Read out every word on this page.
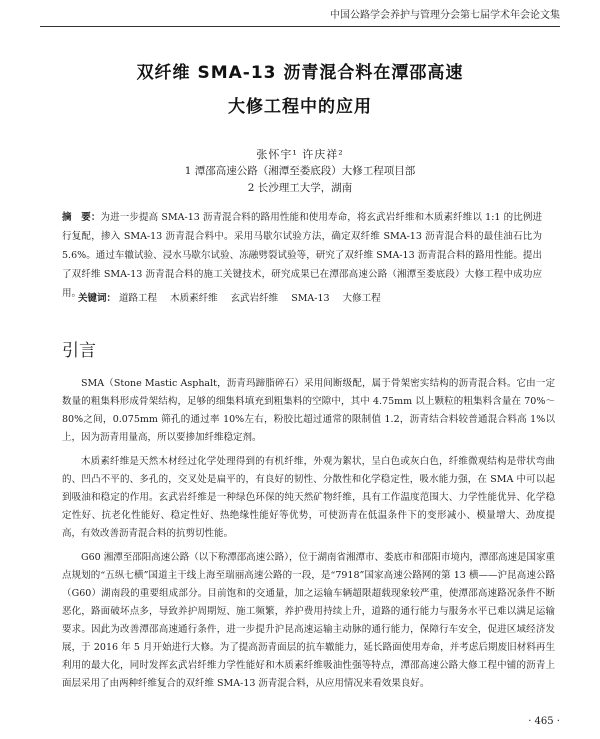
中国公路学会养护与管理分会第七届学术年会论文集
双纤维 SMA-13 沥青混合料在潭邵高速
大修工程中的应用
张怀宇¹ 许庆祥²
1 潭邵高速公路（湘潭至娄底段）大修工程项目部
2 长沙理工大学，湖南
摘　要：为进一步提高 SMA-13 沥青混合料的路用性能和使用寿命，将玄武岩纤维和木质素纤维以 1:1 的比例进行复配，掺入 SMA-13 沥青混合料中。采用马歇尔试验方法，确定双纤维 SMA-13 沥青混合料的最佳油石比为 5.6%。通过车辙试验、浸水马歇尔试验、冻融劈裂试验等，研究了双纤维 SMA-13 沥青混合料的路用性能。提出了双纤维 SMA-13 沥青混合料的施工关键技术，研究成果已在潭邵高速公路（湘潭至娄底段）大修工程中成功应用。
关键词： 道路工程 木质素纤维 玄武岩纤维 SMA-13 大修工程
引言

SMA（Stone Mastic Asphalt，沥青玛蹄脂碎石）采用间断级配，属于骨架密实结构的沥青混合料。它由一定数量的粗集料形成骨架结构，足够的细集料填充到粗集料的空隙中，其中 4.75mm 以上颗粒的粗集料含量在 70%～80%之间，0.075mm 筛孔的通过率 10%左右，粉胶比超过通常的限制值 1.2，沥青结合料较普通混合料高 1%以上，因为沥青用量高，所以要掺加纤维稳定剂。

木质素纤维是天然木材经过化学处理得到的有机纤维，外观为絮状，呈白色或灰白色，纤维微观结构是带状弯曲的、凹凸不平的、多孔的，交叉处是扁平的，有良好的韧性、分散性和化学稳定性，吸水能力强，在 SMA 中可以起到吸油和稳定的作用。玄武岩纤维是一种绿色环保的纯天然矿物纤维，具有工作温度范围大、力学性能优异、化学稳定性好、抗老化性能好、稳定性好、热绝缘性能好等优势，可使沥青在低温条件下的变形减小、模量增大、劲度提高，有效改善沥青混合料的抗剪切性能。

G60 湘潭至邵阳高速公路（以下称潭邵高速公路），位于湖南省湘潭市、娄底市和邵阳市境内，潭邵高速是国家重点规划的“五纵七横”国道主干线上海至瑞丽高速公路的一段，是“7918”国家高速公路网的第 13 横——沪昆高速公路（G60）湖南段的重要组成部分。目前饱和的交通量，加之运输车辆超限超载现象较严重，使潭邵高速路况条件不断恶化，路面破坏点多，导致养护周期短、施工频繁，养护费用持续上升，道路的通行能力与服务水平已难以满足运输要求。因此为改善潭邵高速通行条件，进一步提升沪昆高速运输主动脉的通行能力，保障行车安全，促进区域经济发展，于 2016 年 5 月开始进行大修。为了提高沥青面层的抗车辙能力，延长路面使用寿命，并考虑后期废旧材料再生利用的最大化，同时发挥玄武岩纤维力学性能好和木质素纤维吸油性强等特点，潭邵高速公路大修工程中铺的沥青上面层采用了由两种纤维复合的双纤维 SMA-13 沥青混合料，从应用情况来看效果良好。

· 465 ·
